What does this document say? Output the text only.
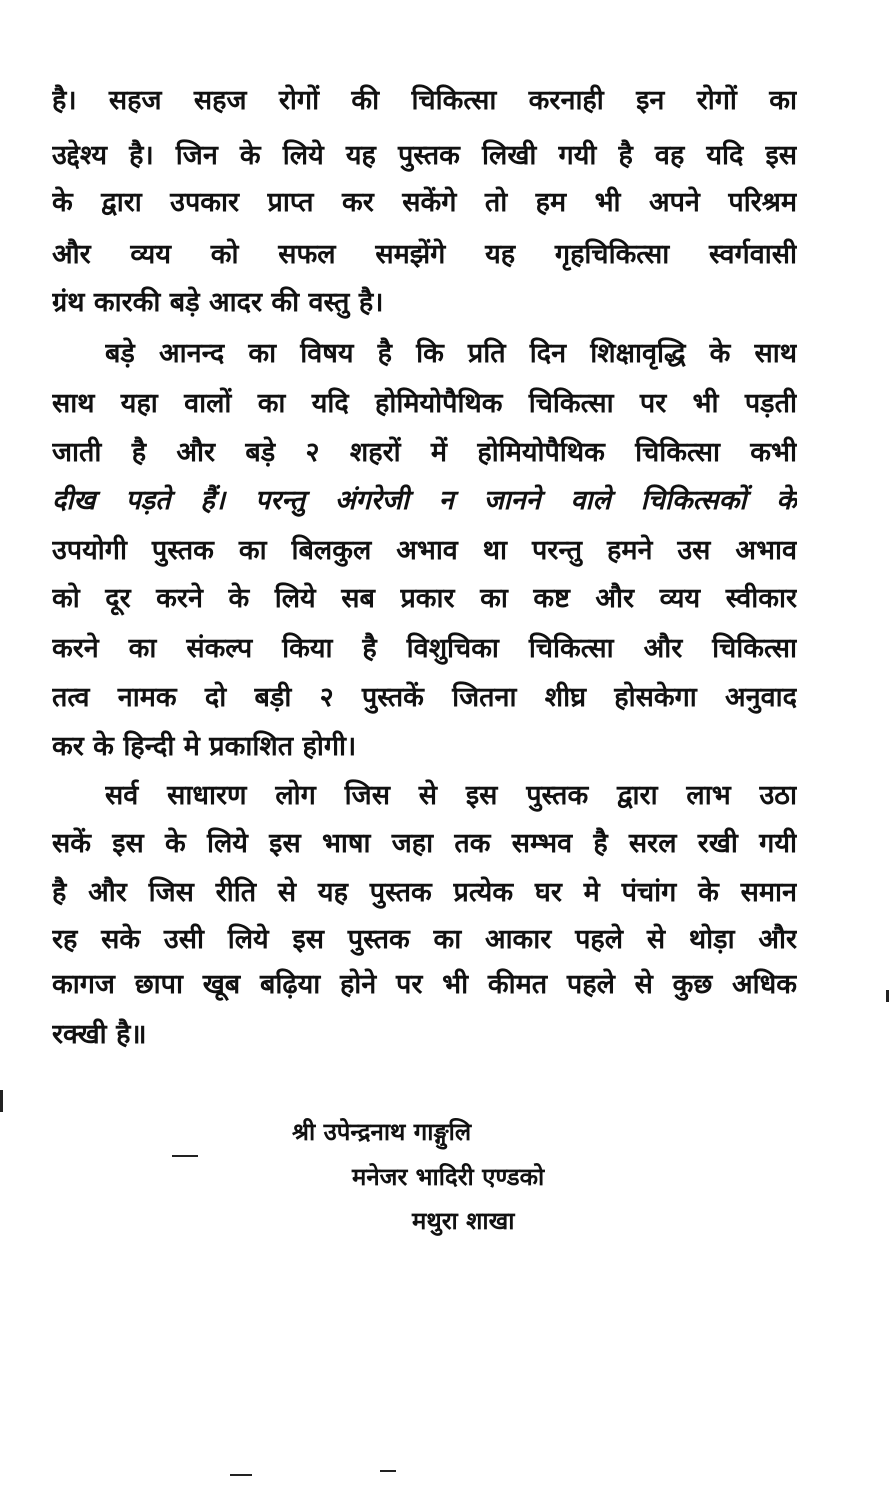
है। सहज सहज रोगों की चिकित्सा करनाही इन रोगों का
उद्देश्य है। जिन के लिये यह पुस्तक लिखी गयी है वह यदि इस
के द्वारा उपकार प्राप्त कर सकेंगे तो हम भी अपने परिश्रम
और व्यय को सफल समझेंगे यह गृहचिकित्सा स्वर्गवासी
ग्रंथ कारकी बड़े आदर की वस्तु है।
बड़े आनन्द का विषय है कि प्रति दिन शिक्षावृद्धि के साथ
साथ यहा वालों का यदि होमियोपैथिक चिकित्सा पर भी पड़ती
जाती है और बड़े २ शहरों में होमियोपैथिक चिकित्सा कभी
दीख पड़ते हैं। परन्तु अंगरेजी न जानने वाले चिकित्सकों के
उपयोगी पुस्तक का बिलकुल अभाव था परन्तु हमने उस अभाव
को दूर करने के लिये सब प्रकार का कष्ट और व्यय स्वीकार
करने का संकल्प किया है विशुचिका चिकित्सा और चिकित्सा
तत्व नामक दो बड़ी २ पुस्तकें जितना शीघ्र होसकेगा अनुवाद
कर के हिन्दी मे प्रकाशित होगी।
सर्व साधारण लोग जिस से इस पुस्तक द्वारा लाभ उठा
सकें इस के लिये इस भाषा जहा तक सम्भव है सरल रखी गयी
है और जिस रीति से यह पुस्तक प्रत्येक घर मे पंचांग के समान
रह सके उसी लिये इस पुस्तक का आकार पहले से थोड़ा और
कागज छापा खूब बढ़िया होने पर भी कीमत पहले से कुछ अधिक
रक्खी है॥
श्री उपेन्द्रनाथ गाङ्गुलि
मनेजर भादिरी एण्डको
मथुरा शाखा
